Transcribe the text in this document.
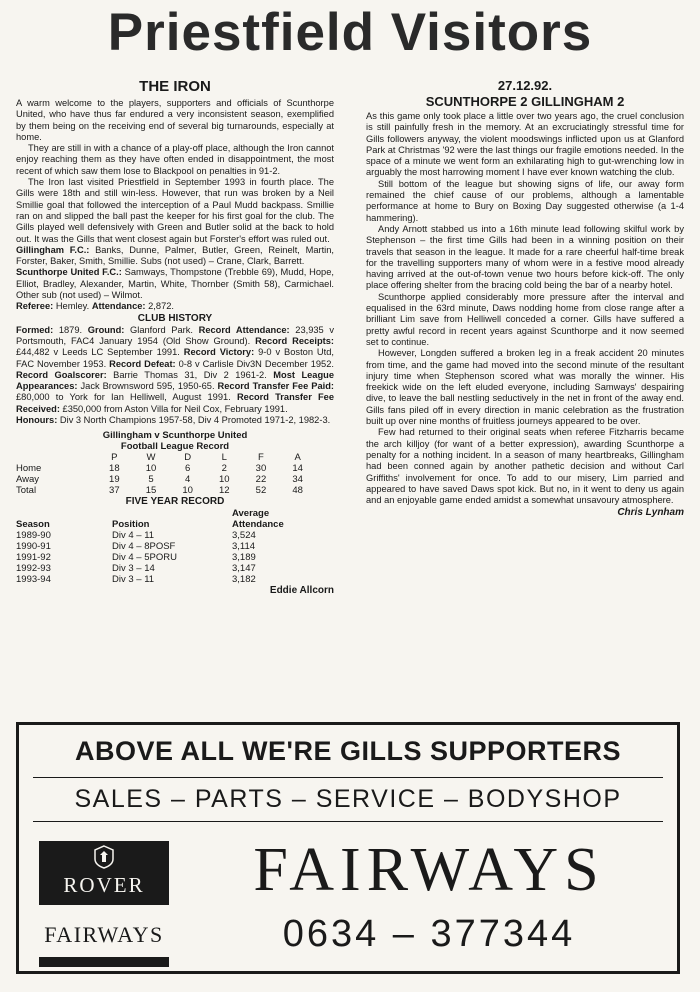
Priestfield Visitors
THE IRON

A warm welcome to the players, supporters and officials of Scunthorpe United, who have thus far endured a very inconsistent season, exemplified by them being on the receiving end of several big turnarounds, especially at home.

They are still in with a chance of a play-off place, although the Iron cannot enjoy reaching them as they have often ended in disappointment, the most recent of which saw them lose to Blackpool on penalties in 91-2.

The Iron last visited Priestfield in September 1993 in fourth place. The Gills were 18th and still win-less. However, that run was broken by a Neil Smillie goal that followed the interception of a Paul Mudd backpass. Smillie ran on and slipped the ball past the keeper for his first goal for the club. The Gills played well defensively with Green and Butler solid at the back to hold out. It was the Gills that went closest again but Forster's effort was ruled out.

Gillingham F.C.: Banks, Dunne, Palmer, Butler, Green, Reinelt, Martin, Forster, Baker, Smith, Smillie. Subs (not used) – Crane, Clark, Barrett.

Scunthorpe United F.C.: Samways, Thompstone (Trebble 69), Mudd, Hope, Elliot, Bradley, Alexander, Martin, White, Thornber (Smith 58), Carmichael. Other sub (not used) – Wilmot.

Referee: Hemley. Attendance: 2,872.

CLUB HISTORY

Formed: 1879. Ground: Glanford Park. Record Attendance: 23,935 v Portsmouth, FAC4 January 1954 (Old Show Ground). Record Receipts: £44,482 v Leeds LC September 1991. Record Victory: 9-0 v Boston Utd, FAC November 1953. Record Defeat: 0-8 v Carlisle Div3N December 1952. Record Goalscorer: Barrie Thomas 31, Div 2 1961-2. Most League Appearances: Jack Brownsword 595, 1950-65. Record Transfer Fee Paid: £80,000 to York for Ian Helliwell, August 1991. Record Transfer Fee Received: £350,000 from Aston Villa for Neil Cox, February 1991.

Honours: Div 3 North Champions 1957-58, Div 4 Promoted 1971-2, 1982-3.

Gillingham v Scunthorpe United
Football League Record
	P	W	D	L	F	A
Home	18	10	6	2	30	14
Away	19	5	4	10	22	34
Total	37	15	10	12	52	48
FIVE YEAR RECORD
		Average
Season	Position	Attendance
1989-90	Div 4 – 11	3,524
1990-91	Div 4 – 8POSF	3,114
1991-92	Div 4 – 5PORU	3,189
1992-93	Div 3 – 14	3,147
1993-94	Div 3 – 11	3,182
Eddie Allcorn
27.12.92.
SCUNTHORPE 2 GILLINGHAM 2

As this game only took place a little over two years ago, the cruel conclusion is still painfully fresh in the memory. At an excruciatingly stressful time for Gills followers anyway, the violent moodswings inflicted upon us at Glanford Park at Christmas '92 were the last things our fragile emotions needed. In the space of a minute we went form an exhilarating high to gut-wrenching low in arguably the most harrowing moment I have ever known watching the club.

Still bottom of the league but showing signs of life, our away form remained the chief cause of our problems, although a lamentable performance at home to Bury on Boxing Day suggested otherwise (a 1-4 hammering).

Andy Arnott stabbed us into a 16th minute lead following skilful work by Stephenson – the first time Gills had been in a winning position on their travels that season in the league. It made for a rare cheerful half-time break for the travelling supporters many of whom were in a festive mood already having arrived at the out-of-town venue two hours before kick-off. The only place offering shelter from the bracing cold being the bar of a nearby hotel.

Scunthorpe applied considerably more pressure after the interval and equalised in the 63rd minute, Daws nodding home from close range after a brilliant Lim save from Helliwell conceded a corner. Gills have suffered a pretty awful record in recent years against Scunthorpe and it now seemed set to continue.

However, Longden suffered a broken leg in a freak accident 20 minutes from time, and the game had moved into the second minute of the resultant injury time when Stephenson scored what was morally the winner. His freekick wide on the left eluded everyone, including Samways' despairing dive, to leave the ball nestling seductively in the net in front of the away end. Gills fans piled off in every direction in manic celebration as the frustration built up over nine months of fruitless journeys appeared to be over.

Few had returned to their original seats when referee Fitzharris became the arch killjoy (for want of a better expression), awarding Scunthorpe a penalty for a nothing incident. In a season of many heartbreaks, Gillingham had been conned again by another pathetic decision and without Carl Griffiths' involvement for once. To add to our misery, Lim parried and appeared to have saved Daws spot kick. But no, in it went to deny us again and an enjoyable game ended amidst a somewhat unsavoury atmosphere.

Chris Lynham
ABOVE ALL WE'RE GILLS SUPPORTERS
SALES – PARTS – SERVICE – BODYSHOP
ROVER
FAIRWAYS
FAIRWAYS
0634 – 377344
